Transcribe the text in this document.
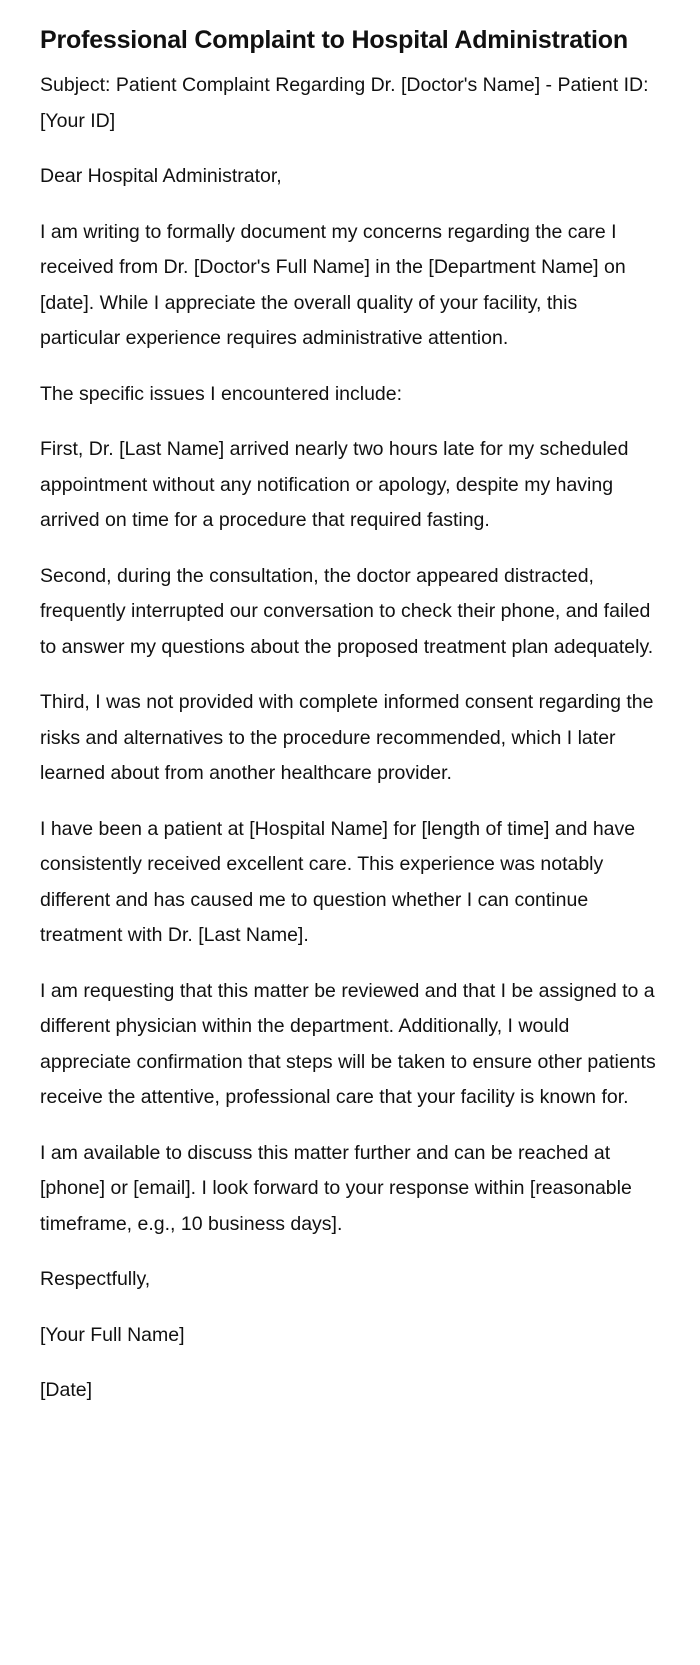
Professional Complaint to Hospital Administration

Subject: Patient Complaint Regarding Dr. [Doctor's Name] - Patient ID: [Your ID]

Dear Hospital Administrator,

I am writing to formally document my concerns regarding the care I received from Dr. [Doctor's Full Name] in the [Department Name] on [date]. While I appreciate the overall quality of your facility, this particular experience requires administrative attention.

The specific issues I encountered include:

First, Dr. [Last Name] arrived nearly two hours late for my scheduled appointment without any notification or apology, despite my having arrived on time for a procedure that required fasting.

Second, during the consultation, the doctor appeared distracted, frequently interrupted our conversation to check their phone, and failed to answer my questions about the proposed treatment plan adequately.

Third, I was not provided with complete informed consent regarding the risks and alternatives to the procedure recommended, which I later learned about from another healthcare provider.

I have been a patient at [Hospital Name] for [length of time] and have consistently received excellent care. This experience was notably different and has caused me to question whether I can continue treatment with Dr. [Last Name].

I am requesting that this matter be reviewed and that I be assigned to a different physician within the department. Additionally, I would appreciate confirmation that steps will be taken to ensure other patients receive the attentive, professional care that your facility is known for.

I am available to discuss this matter further and can be reached at [phone] or [email]. I look forward to your response within [reasonable timeframe, e.g., 10 business days].

Respectfully,

[Your Full Name]

[Date]
